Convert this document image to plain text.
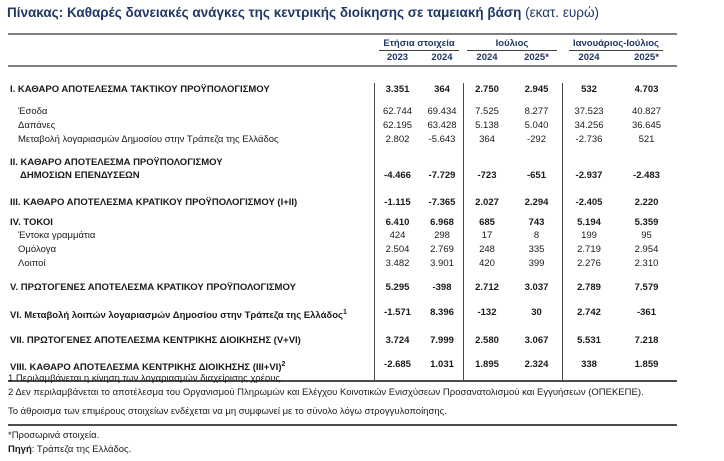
Πίνακας: Καθαρές δανειακές ανάγκες της κεντρικής διοίκησης σε ταμειακή βάση (εκατ. ευρώ)
Ετήσια στοιχεία	Ιούλιος	Ιανουάριος-Ιούλιος
2023	2024	2024	2025*	2024	2025*
I. ΚΑΘΑΡΟ ΑΠΟΤΕΛΕΣΜΑ ΤΑΚΤΙΚΟΥ ΠΡΟΫΠΟΛΟΓΙΣΜΟΥ	3.351	364	2.750	2.945	532	4.703
Έσοδα	62.744	69.434	7.525	8.277	37.523	40.827
Δαπάνες	62.195	63.428	5.138	5.040	34.256	36.645
Μεταβολή λογαριασμών Δημοσίου στην Τράπεζα της Ελλάδος	2.802	-5.643	364	-292	-2.736	521
II. ΚΑΘΑΡΟ ΑΠΟΤΕΛΕΣΜΑ ΠΡΟΫΠΟΛΟΓΙΣΜΟΥ
ΔΗΜΟΣΙΩΝ ΕΠΕΝΔΥΣΕΩΝ	-4.466	-7.729	-723	-651	-2.937	-2.483
III. ΚΑΘΑΡΟ ΑΠΟΤΕΛΕΣΜΑ ΚΡΑΤΙΚΟΥ ΠΡΟΫΠΟΛΟΓΙΣΜΟΥ (I+II)	-1.115	-7.365	2.027	2.294	-2.405	2.220
IV. ΤΟΚΟΙ	6.410	6.968	685	743	5.194	5.359
Έντοκα γραμμάτια	424	298	17	8	199	95
Ομόλογα	2.504	2.769	248	335	2.719	2.954
Λοιποί	3.482	3.901	420	399	2.276	2.310
V. ΠΡΩΤΟΓΕΝΕΣ ΑΠΟΤΕΛΕΣΜΑ ΚΡΑΤΙΚΟΥ ΠΡΟΫΠΟΛΟΓΙΣΜΟΥ	5.295	-398	2.712	3.037	2.789	7.579
VI. Μεταβολή λοιπών λογαριασμών Δημοσίου στην Τράπεζα της Ελλάδος$^1$	-1.571	8.396	-132	30	2.742	-361
VII. ΠΡΩΤΟΓΕΝΕΣ ΑΠΟΤΕΛΕΣΜΑ ΚΕΝΤΡΙΚΗΣ ΔΙΟΙΚΗΣΗΣ (V+VI)	3.724	7.999	2.580	3.067	5.531	7.218
VIII. ΚΑΘΑΡΟ ΑΠΟΤΕΛΕΣΜΑ ΚΕΝΤΡΙΚΗΣ ΔΙΟΙΚΗΣΗΣ $(III+VI)^2$	-2.685	1.031	1.895	2.324	338	1.859
1 Περιλαμβάνεται η κίνηση των λογαριασμών διαχείρισης χρέους.
2 Δεν περιλαμβάνεται το αποτέλεσμα του Οργανισμού Πληρωμών και Ελέγχου Κοινοτικών Ενισχύσεων Προσανατολισμού και Εγγυήσεων (ΟΠΕΚΕΠΕ).
Το άθροισμα των επιμέρους στοιχείων ενδέχεται να μη συμφωνεί με το σύνολο λόγω στρογγυλοποίησης.
*Προσωρινά στοιχεία.
Πηγή: Τράπεζα της Ελλάδος.
